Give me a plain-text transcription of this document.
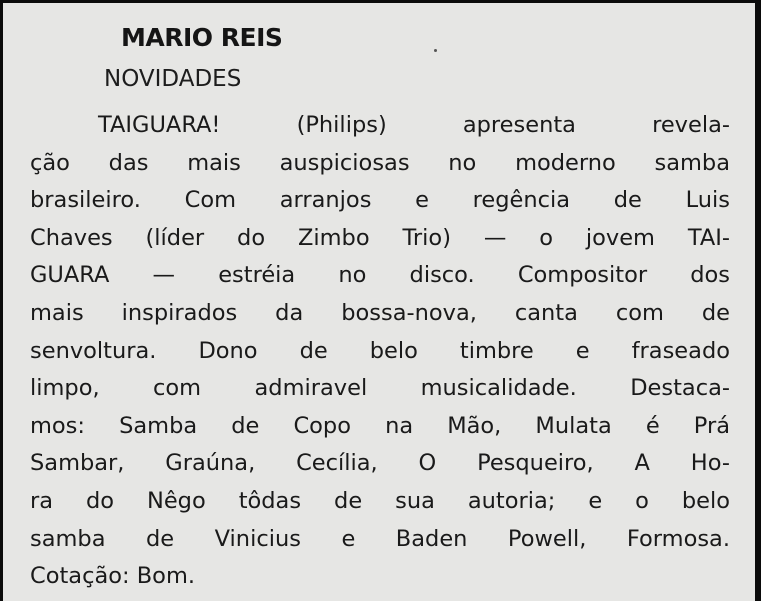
MARIO REIS
NOVIDADES
TAIGUARA! (Philips) apresenta revela-
ção das mais auspiciosas no moderno samba
brasileiro. Com arranjos e regência de Luis
Chaves (líder do Zimbo Trio) — o jovem TAI-
GUARA — estréia no disco. Compositor dos
mais inspirados da bossa-nova, canta com de
senvoltura. Dono de belo timbre e fraseado
limpo, com admiravel musicalidade. Destaca-
mos: Samba de Copo na Mão, Mulata é Prá
Sambar, Graúna, Cecília, O Pesqueiro, A Ho-
ra do Nêgo tôdas de sua autoria; e o belo
samba de Vinicius e Baden Powell, Formosa.
Cotação: Bom.
